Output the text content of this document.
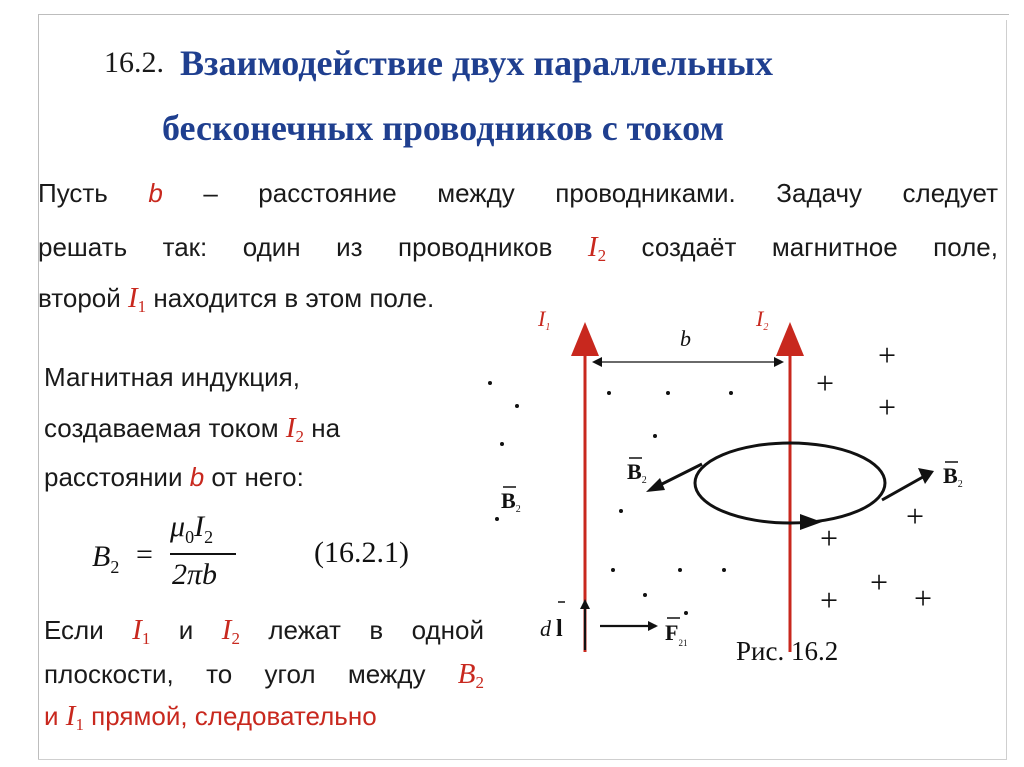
16.2. Взаимодействие двух параллельных
бесконечных проводников с током
Пусть b – расстояние между проводниками. Задачу следует
решать так: один из проводников $I_2$ создаёт магнитное поле,
второй $I_1$ находится в этом поле.
Магнитная индукция,
создаваемая током $I_2$ на
расстоянии b от него:
$B_2$ =
$\mu_0I_2$
2πb
(16.2.1)
Если $I_1$ и $I_2$ лежат в одной
плоскости, то угол между $B_2$
и $I_1$ прямой, следовательно
I1	I2
b	+
+
+
+
+
+
+ +
B2
B2
B2
d l	$F_{21}$ Рис. 16.2
